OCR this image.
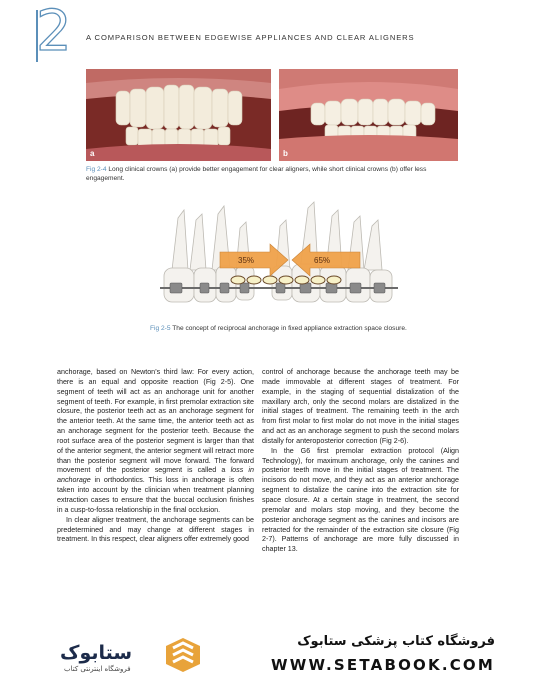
2 A COMPARISON BETWEEN EDGEWISE APPLIANCES AND CLEAR ALIGNERS
a	b
Fig 2-4 Long clinical crowns (a) provide better engagement for clear aligners, while short clinical crowns (b) offer less engagement.
35%	65%
Fig 2-5 The concept of reciprocal anchorage in fixed appliance extraction space closure.

anchorage, based on Newton’s third law: For every action, there is an equal and opposite reaction (Fig 2-5). One segment of teeth will act as an anchorage unit for another segment of teeth. For example, in first premolar extraction site closure, the posterior teeth act as an anchorage segment for the anterior teeth. At the same time, the anterior teeth act as an anchorage segment for the posterior teeth. Because the root surface area of the posterior segment is larger than that of the anterior segment, the anterior segment will retract more than the posterior segment will move forward. The forward movement of the posterior segment is called a loss in anchorage in orthodontics. This loss in anchorage is often taken into account by the clinician when treatment planning extraction cases to ensure that the buccal occlusion finishes in a cusp-to-fossa relationship in the final occlusion.

In clear aligner treatment, the anchorage segments can be predetermined and may change at different stages in treatment. In this respect, clear aligners offer extremely good

control of anchorage because the anchorage teeth may be made immovable at different stages of treatment. For example, in the staging of sequential distalization of the maxillary arch, only the second molars are distalized in the initial stages of treatment. The remaining teeth in the arch from first molar to first molar do not move in the initial stages and act as an anchorage segment to push the second molars distally for anteroposterior correction (Fig 2-6).

In the G6 first premolar extraction protocol (Align Technology), for maximum anchorage, only the canines and posterior teeth move in the initial stages of treatment. The incisors do not move, and they act as an anterior anchorage segment to distalize the canine into the extraction site for space closure. At a certain stage in treatment, the second premolar and molars stop moving, and they become the posterior anchorage segment as the canines and incisors are retracted for the remainder of the extraction site closure (Fig 2-7). Patterns of anchorage are more fully discussed in chapter 13.

ستابوک
فروشگاه اینترنتی کتاب
فروشگاه کتاب پزشکی ستابوک
WWW.SETABOOK.COM
